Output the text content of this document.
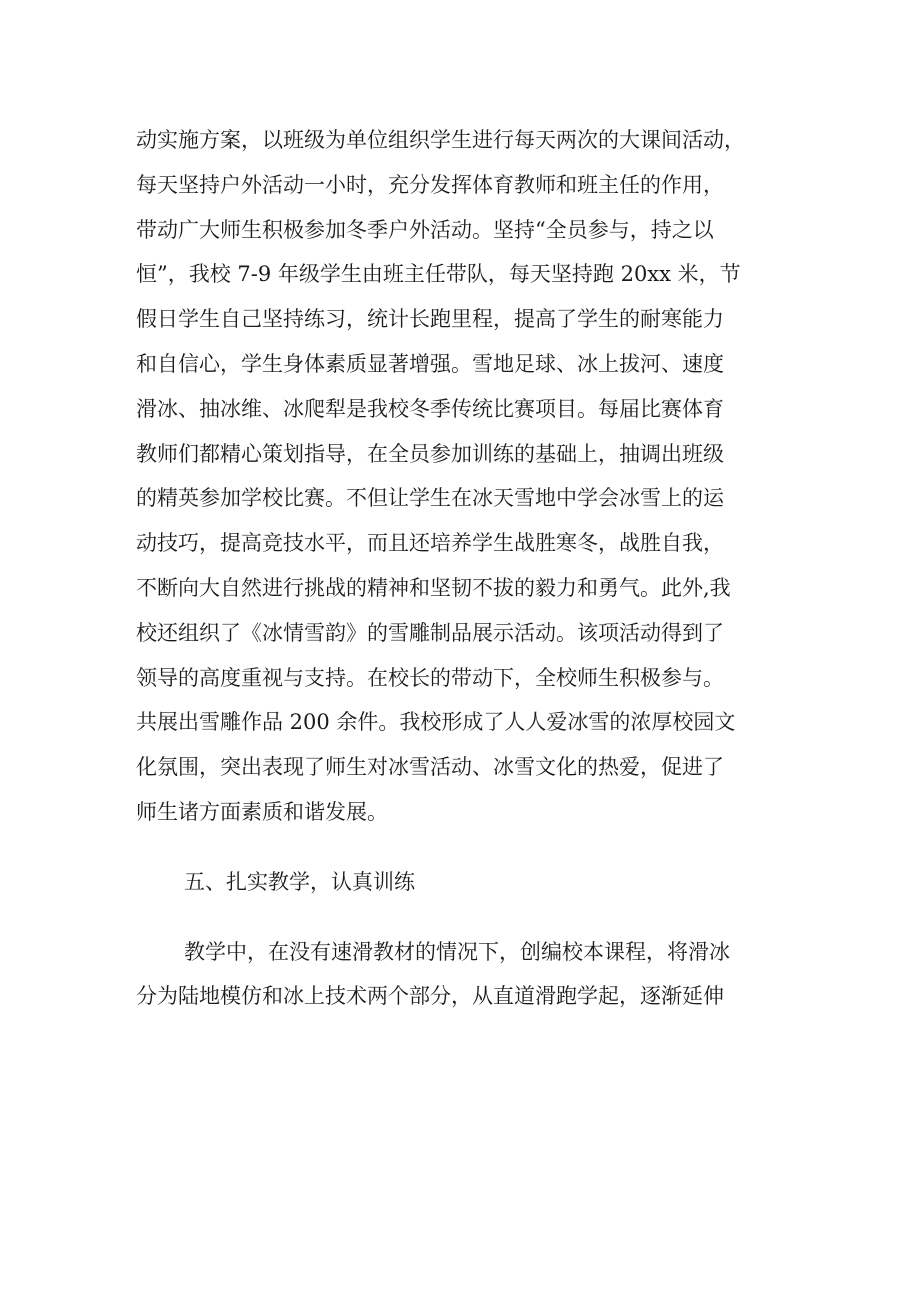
动实施方案，以班级为单位组织学生进行每天两次的大课间活动，
每天坚持户外活动一小时，充分发挥体育教师和班主任的作用，
带动广大师生积极参加冬季户外活动。坚持“全员参与，持之以
恒”，我校 7-9 年级学生由班主任带队，每天坚持跑 20xx 米，节
假日学生自己坚持练习，统计长跑里程，提高了学生的耐寒能力
和自信心，学生身体素质显著增强。雪地足球、冰上拔河、速度
滑冰、抽冰维、冰爬犁是我校冬季传统比赛项目。每届比赛体育
教师们都精心策划指导，在全员参加训练的基础上，抽调出班级
的精英参加学校比赛。不但让学生在冰天雪地中学会冰雪上的运
动技巧，提高竞技水平，而且还培养学生战胜寒冬，战胜自我，
不断向大自然进行挑战的精神和坚韧不拔的毅力和勇气。此外,我
校还组织了《冰情雪韵》的雪雕制品展示活动。该项活动得到了
领导的高度重视与支持。在校长的带动下，全校师生积极参与。
共展出雪雕作品 200 余件。我校形成了人人爱冰雪的浓厚校园文
化氛围，突出表现了师生对冰雪活动、冰雪文化的热爱，促进了
师生诸方面素质和谐发展。
五、扎实教学，认真训练
教学中，在没有速滑教材的情况下，创编校本课程，将滑冰
分为陆地模仿和冰上技术两个部分，从直道滑跑学起，逐渐延伸
